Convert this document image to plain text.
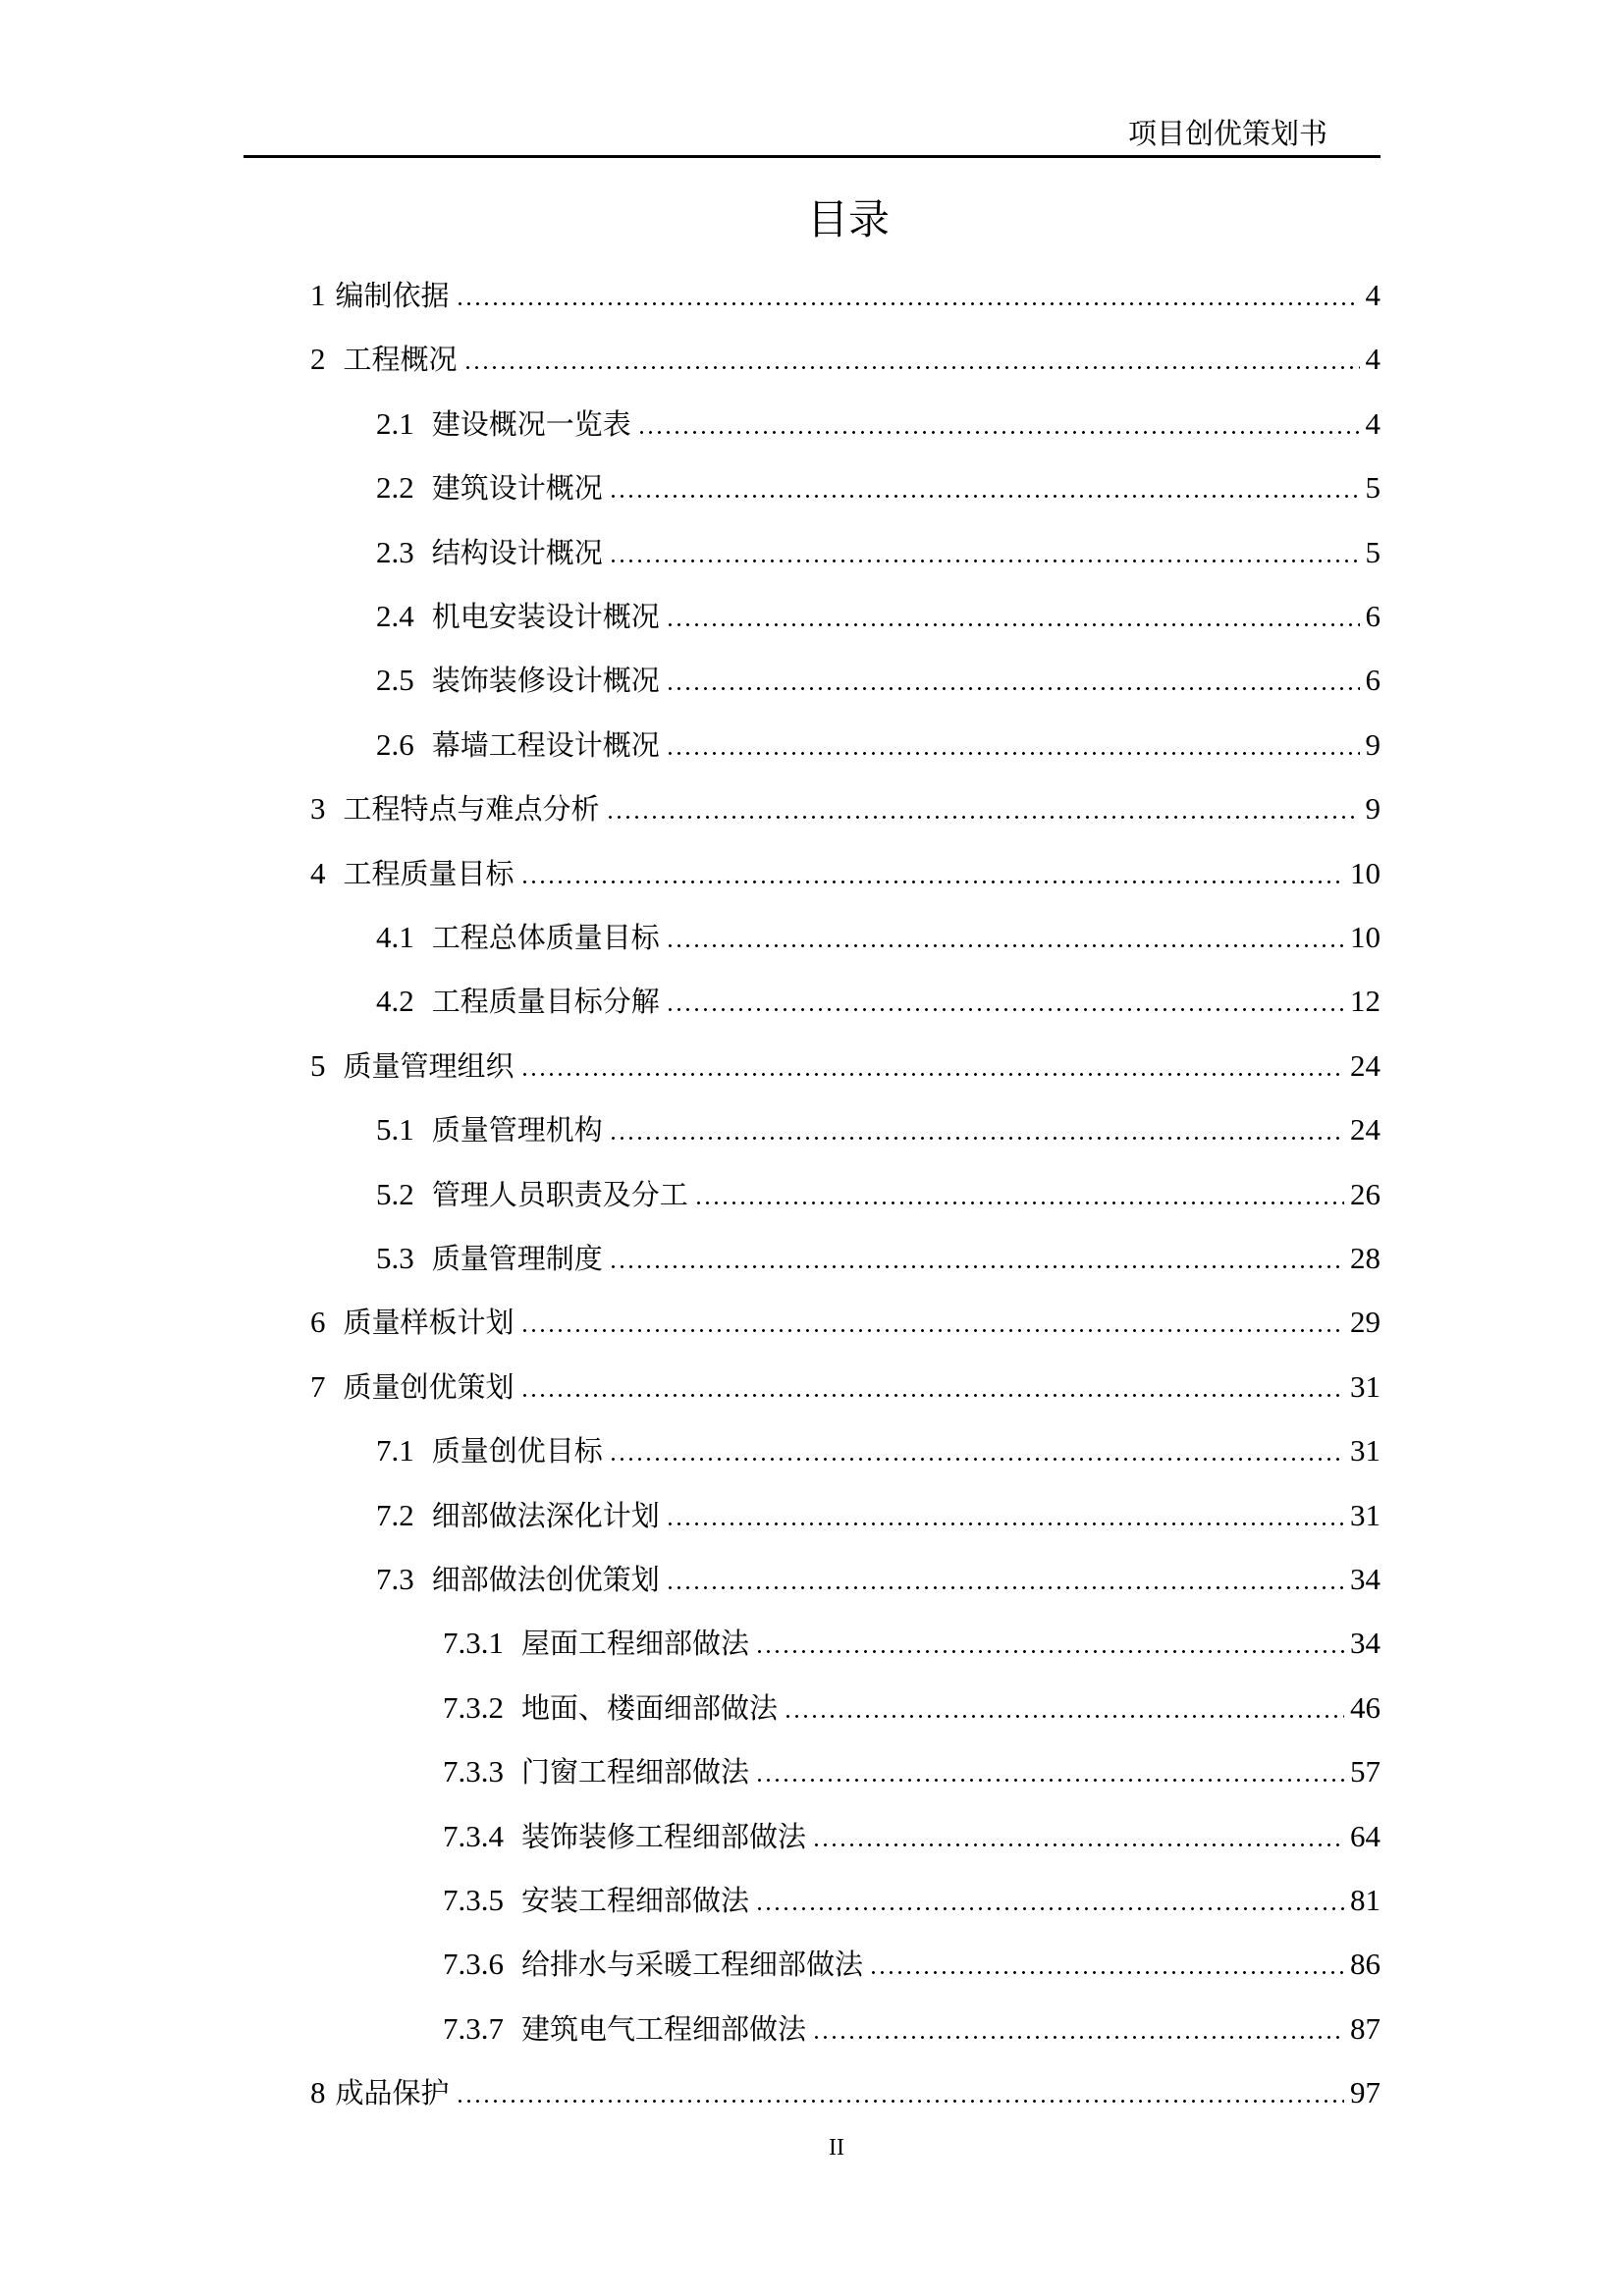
项目创优策划书
目录
1 编制依据	4
2 工程概况	4
2.1 建设概况一览表	4
2.2 建筑设计概况	5
2.3 结构设计概况	5
2.4 机电安装设计概况	6
2.5 装饰装修设计概况	6
2.6 幕墙工程设计概况	9
3 工程特点与难点分析	9
4 工程质量目标	10
4.1 工程总体质量目标	10
4.2 工程质量目标分解	12
5 质量管理组织	24
5.1 质量管理机构	24
5.2 管理人员职责及分工	26
5.3 质量管理制度	28
6 质量样板计划	29
7 质量创优策划	31
7.1 质量创优目标	31
7.2 细部做法深化计划	31
7.3 细部做法创优策划	34
7.3.1 屋面工程细部做法	34
7.3.2 地面、楼面细部做法	46
7.3.3 门窗工程细部做法	57
7.3.4 装饰装修工程细部做法	64
7.3.5 安装工程细部做法	81
7.3.6 给排水与采暖工程细部做法	86
7.3.7 建筑电气工程细部做法	87
8 成品保护	97
II
